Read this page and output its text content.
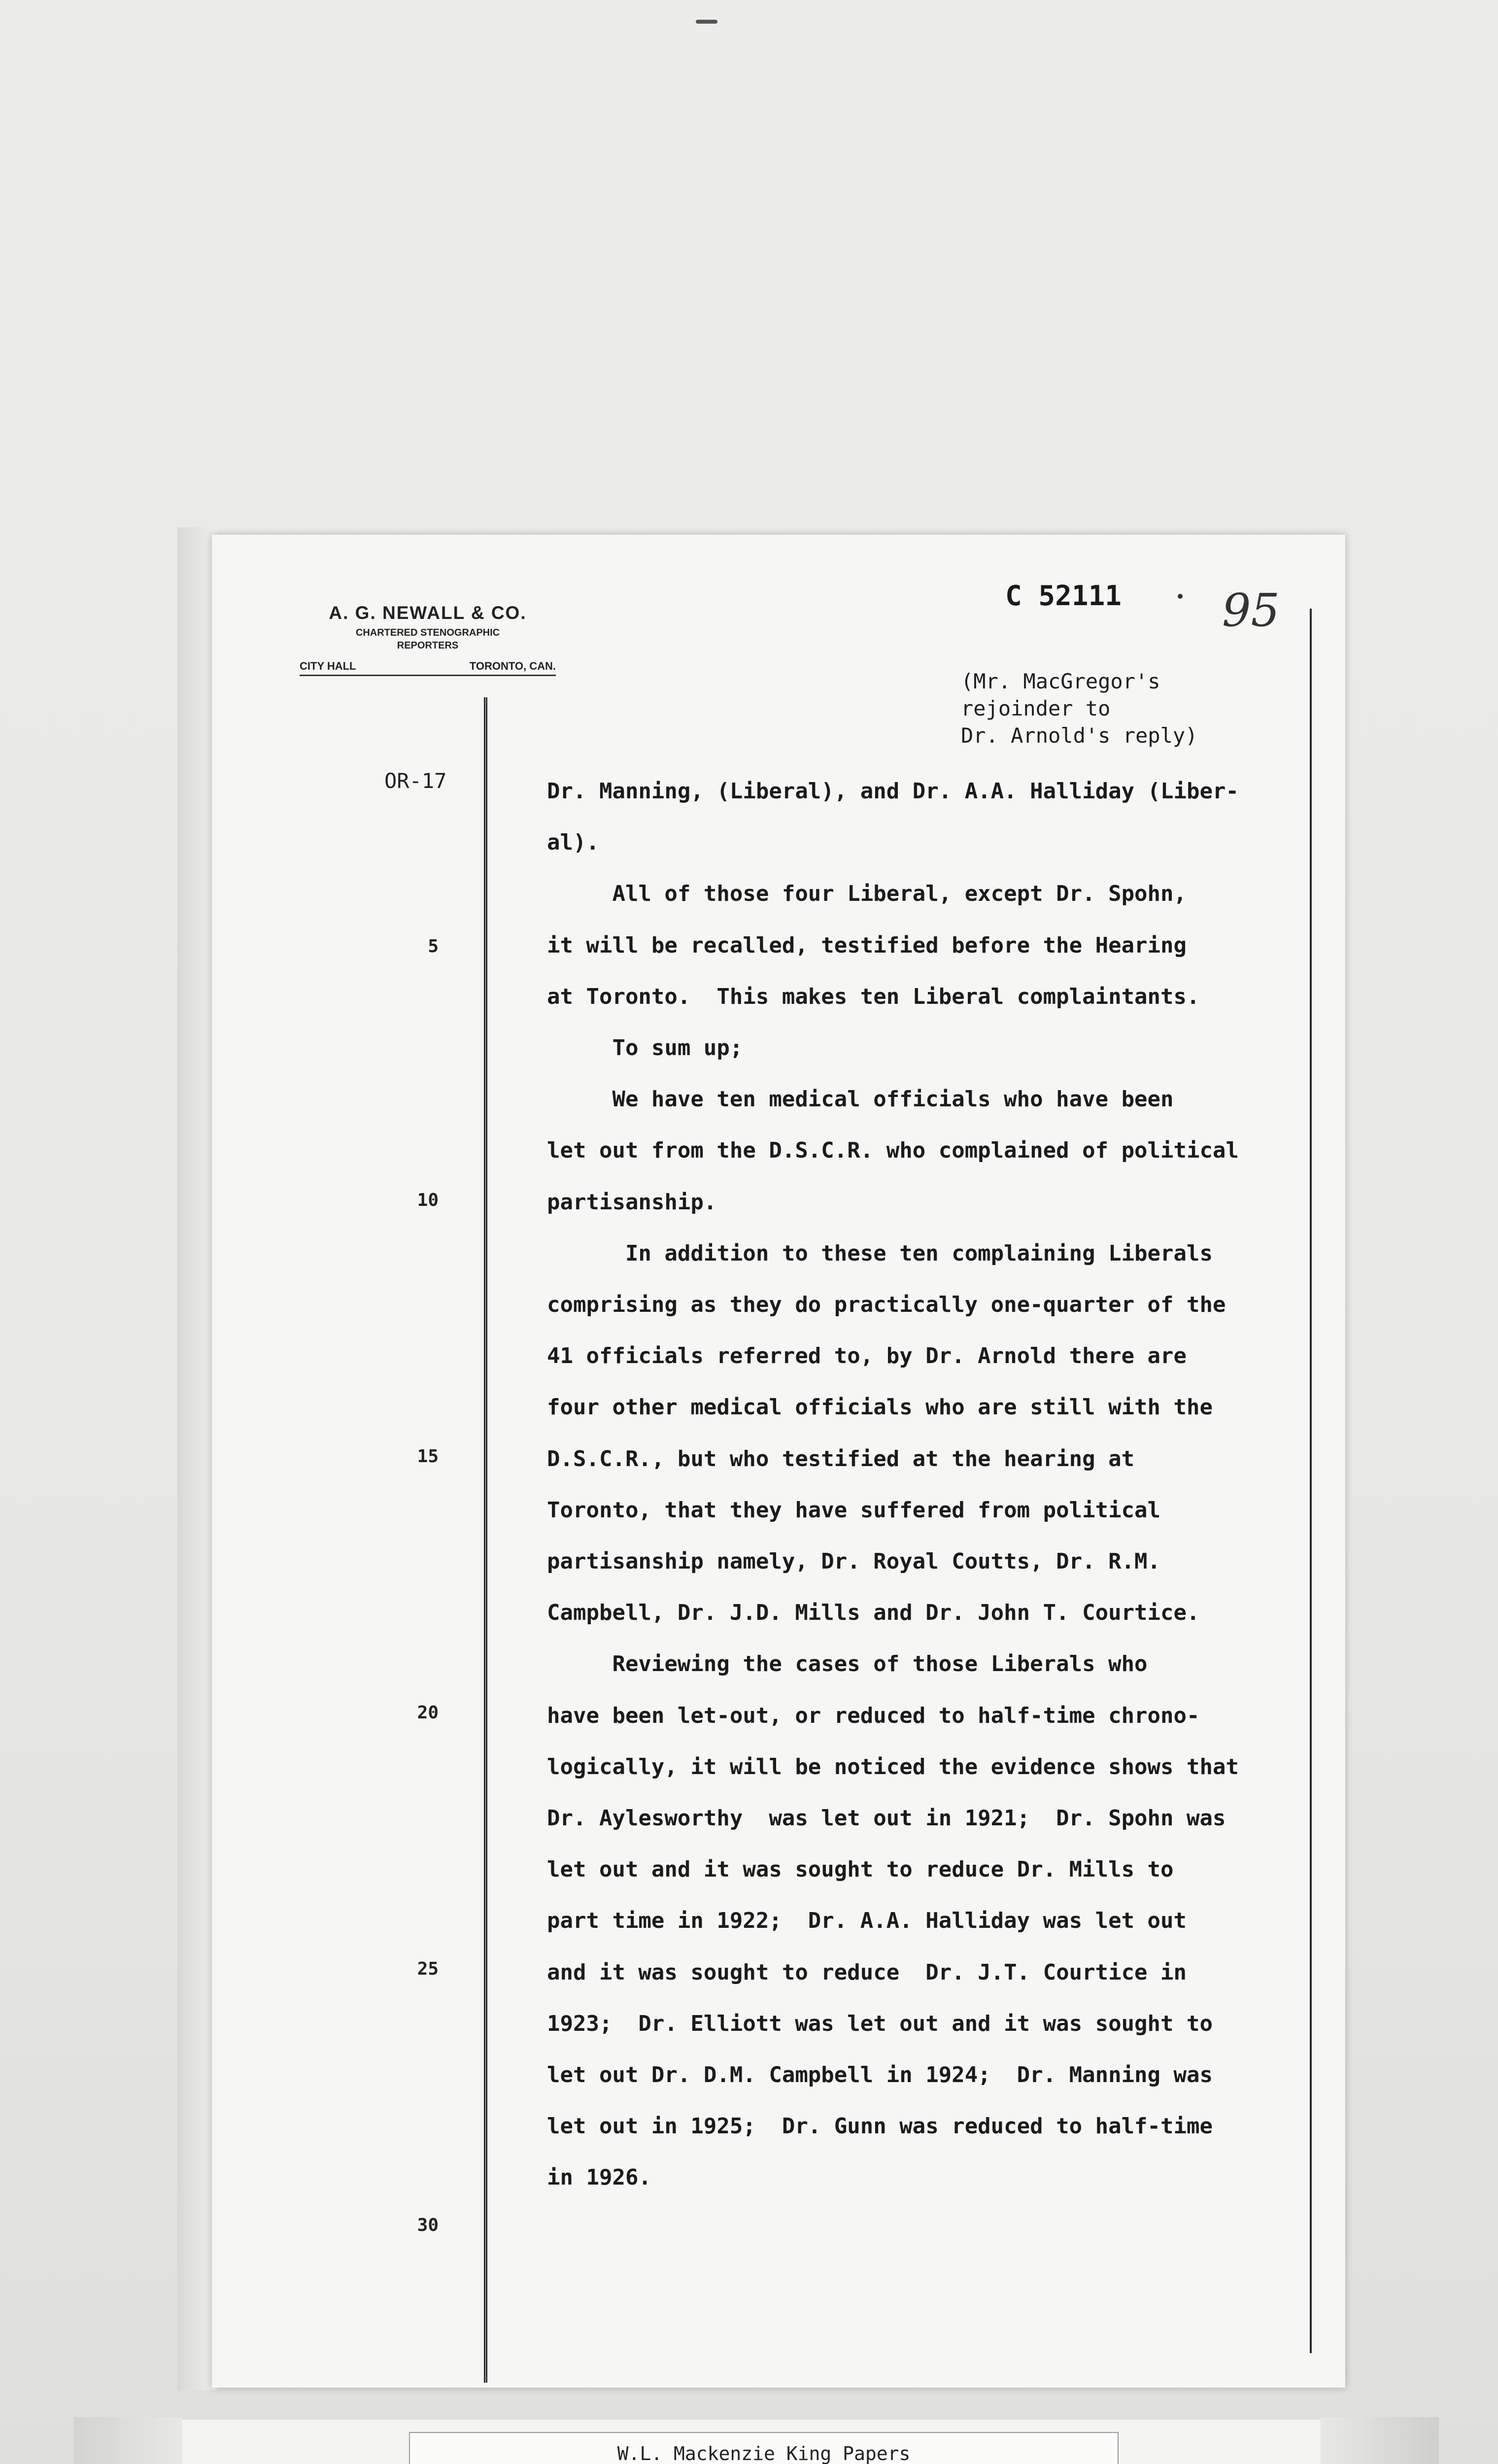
A. G. NEWALL & CO.
CHARTERED STENOGRAPHIC
REPORTERS
CITY HALL	TORONTO, CAN.
C 52111 95
(Mr. MacGregor's
rejoinder to
Dr. Arnold's reply)
OR-17
5
10
15
20
25
30
Dr. Manning, (Liberal), and Dr. A.A. Halliday (Liber-
al).
All of those four Liberal, except Dr. Spohn,
it will be recalled, testified before the Hearing
at Toronto.  This makes ten Liberal complaintants.
To sum up;
We have ten medical officials who have been
let out from the D.S.C.R. who complained of political
partisanship.
In addition to these ten complaining Liberals
comprising as they do practically one-quarter of the
41 officials referred to, by Dr. Arnold there are
four other medical officials who are still with the
D.S.C.R., but who testified at the hearing at
Toronto, that they have suffered from political
partisanship namely, Dr. Royal Coutts, Dr. R.M.
Campbell, Dr. J.D. Mills and Dr. John T. Courtice.
Reviewing the cases of those Liberals who
have been let-out, or reduced to half-time chrono-
logically, it will be noticed the evidence shows that
Dr. Aylesworthy  was let out in 1921;  Dr. Spohn was
let out and it was sought to reduce Dr. Mills to
part time in 1922;  Dr. A.A. Halliday was let out
and it was sought to reduce  Dr. J.T. Courtice in
1923;  Dr. Elliott was let out and it was sought to
let out Dr. D.M. Campbell in 1924;  Dr. Manning was
let out in 1925;  Dr. Gunn was reduced to half-time
in 1926.
W.L. Mackenzie King Papers
